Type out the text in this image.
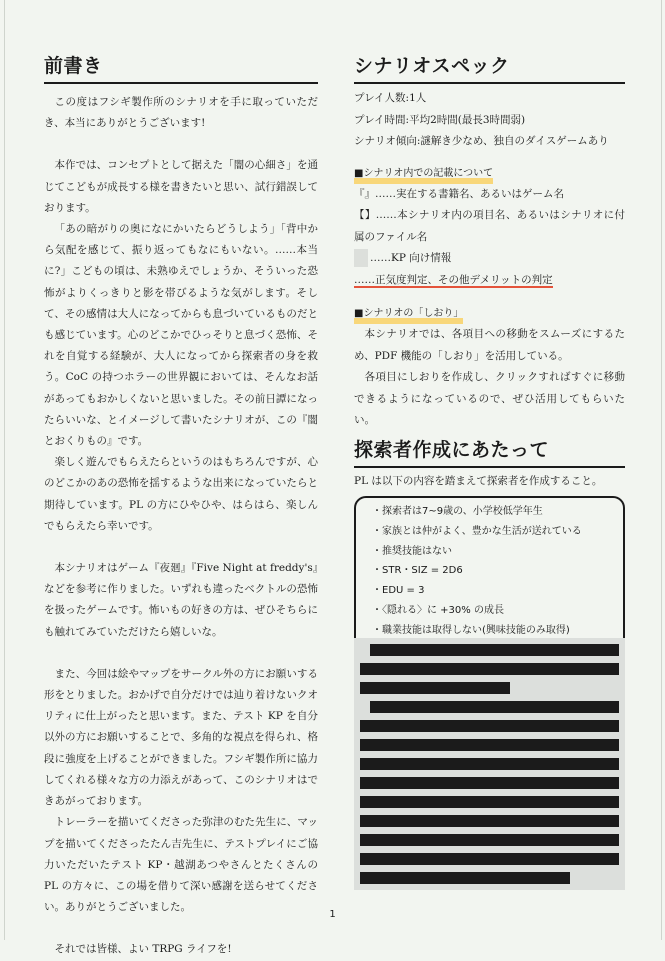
前書き

この度はフシギ製作所のシナリオを手に取っていただき、本当にありがとうございます!

本作では、コンセプトとして据えた「闇の心細さ」を通じてこどもが成長する様を書きたいと思い、試行錯誤しております。

「あの暗がりの奥になにかいたらどうしよう」「背中から気配を感じて、振り返ってもなにもいない。……本当に?」こどもの頃は、未熟ゆえでしょうか、そういった恐怖がよりくっきりと影を帯びるような気がします。そして、その感情は大人になってからも息づいているものだとも感じています。心のどこかでひっそりと息づく恐怖、それを自覚する経験が、大人になってから探索者の身を救う。CoC の持つホラーの世界観においては、そんなお話があってもおかしくないと思いました。その前日譚になったらいいな、とイメージして書いたシナリオが、この『闇とおくりもの』です。

楽しく遊んでもらえたらというのはもちろんですが、心のどこかのあの恐怖を揺するような出来になっていたらと期待しています。PL の方にひやひや、はらはら、楽しんでもらえたら幸いです。

本シナリオはゲーム『夜廻』『Five Night at freddy's』などを参考に作りました。いずれも違ったベクトルの恐怖を扱ったゲームです。怖いもの好きの方は、ぜひそちらにも触れてみていただけたら嬉しいな。

また、今回は絵やマップをサークル外の方にお願いする形をとりました。おかげで自分だけでは辿り着けないクオリティに仕上がったと思います。また、テスト KP を自分以外の方にお願いすることで、多角的な視点を得られ、格段に強度を上げることができました。フシギ製作所に協力してくれる様々な方の力添えがあって、このシナリオはできあがっております。

トレーラーを描いてくださった弥津のむた先生に、マップを描いてくださったたん吉先生に、テストプレイにご協力いただいたテスト KP・越湖あつやさんとたくさんの PL の方々に、この場を借りて深い感謝を送らせてください。ありがとうございました。

それでは皆様、よい TRPG ライフを!

シナリオスペック

プレイ人数:1人

プレイ時間:平均2時間(最長3時間弱)

シナリオ傾向:謎解き少なめ、独自のダイスゲームあり

■シナリオ内での記載について

『』……実在する書籍名、あるいはゲーム名

【】……本シナリオ内の項目名、あるいはシナリオに付属のファイル名

……KP 向け情報

……正気度判定、その他デメリットの判定

■シナリオの「しおり」

本シナリオでは、各項目への移動をスムーズにするため、PDF 機能の「しおり」を活用している。

各項目にしおりを作成し、クリックすればすぐに移動できるようになっているので、ぜひ活用してもらいたい。

探索者作成にあたって

PL は以下の内容を踏まえて探索者を作成すること。

・探索者は7~9歳の、小学校低学年生

・家族とは仲がよく、豊かな生活が送れている

・推奨技能はない

・STR・SIZ = 2D6

・EDU = 3

・〈隠れる〉に +30% の成長

・職業技能は取得しない(興味技能のみ取得)

1
